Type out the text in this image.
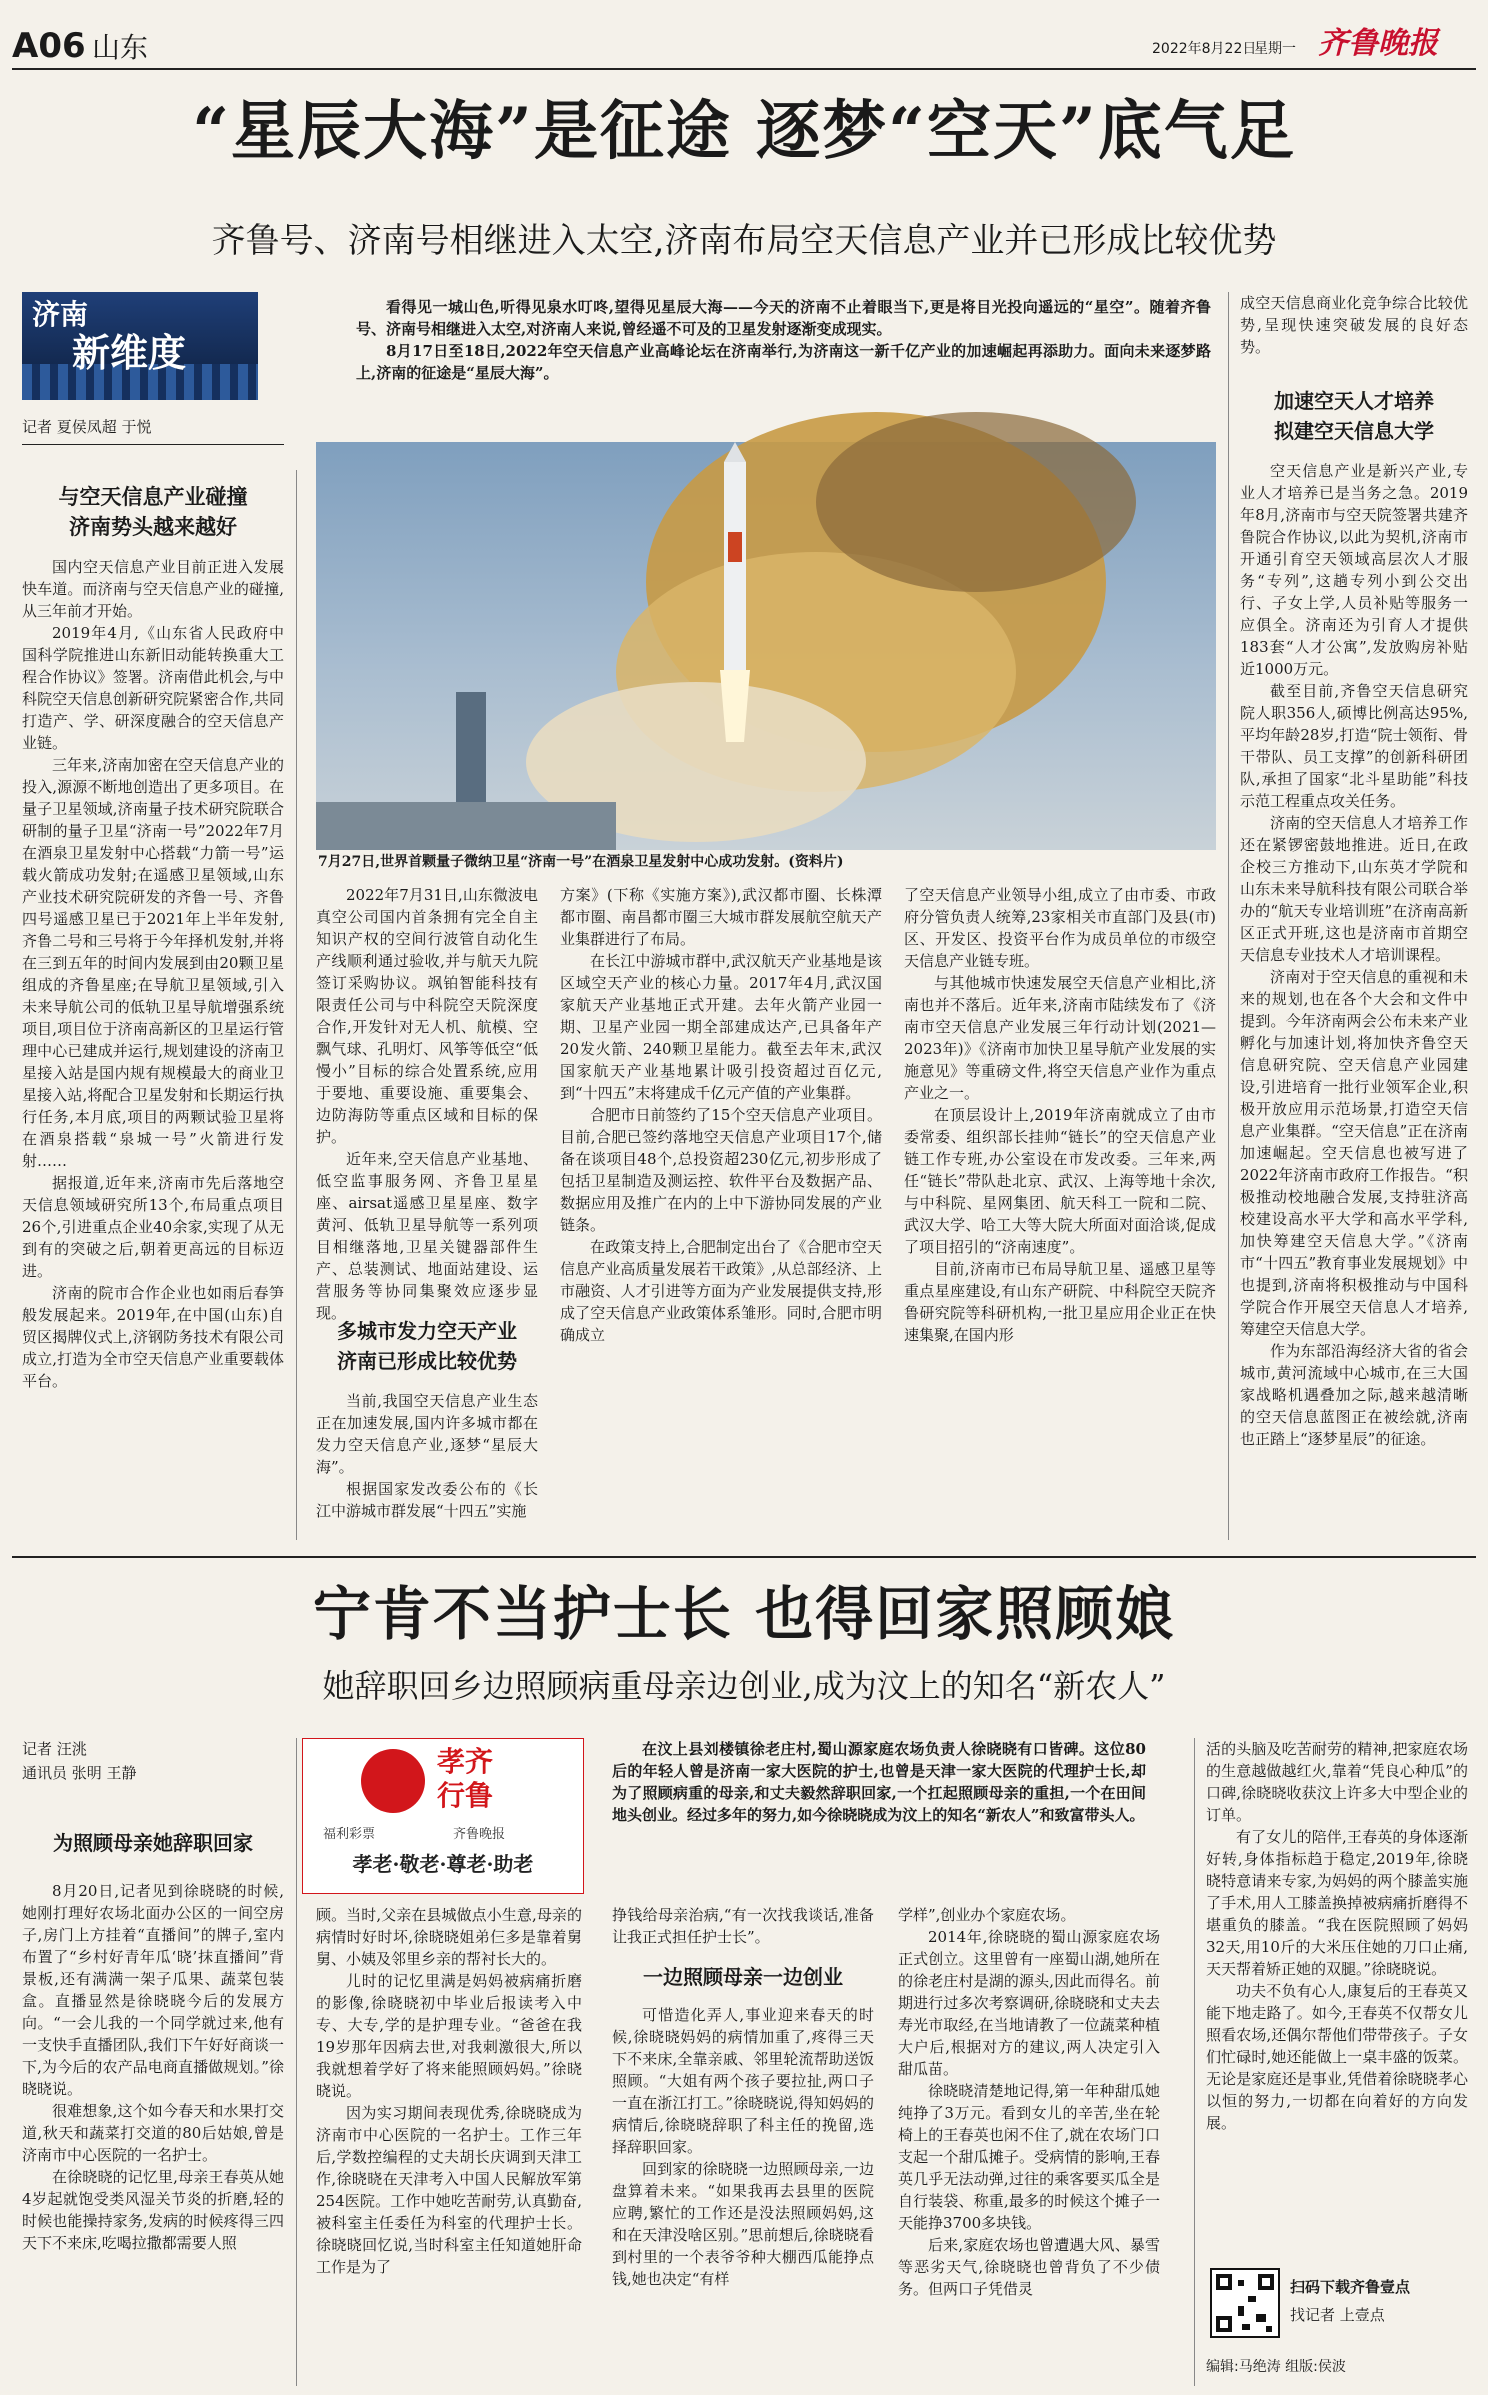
A06 山东	2022年8月22日
星期一 齐鲁晚报
“星辰大海”是征途 逐梦“空天”底气足
齐鲁号、济南号相继进入太空,济南布局空天信息产业并已形成比较优势
济南
新维度
记者 夏侯凤超 于悦

看得见一城山色,听得见泉水叮咚,望得见星辰大海——今天的济南不止着眼当下,更是将目光投向遥远的“星空”。随着齐鲁号、济南号相继进入太空,对济南人来说,曾经遥不可及的卫星发射逐渐变成现实。

8月17日至18日,2022年空天信息产业高峰论坛在济南举行,为济南这一新千亿产业的加速崛起再添助力。面向未来逐梦路上,济南的征途是“星辰大海”。

7月27日,世界首颗量子微纳卫星“济南一号”在酒泉卫星发射中心成功发射。(资料片)
与空天信息产业碰撞
济南势头越来越好

国内空天信息产业目前正进入发展快车道。而济南与空天信息产业的碰撞,从三年前才开始。

2019年4月,《山东省人民政府中国科学院推进山东新旧动能转换重大工程合作协议》签署。济南借此机会,与中科院空天信息创新研究院紧密合作,共同打造产、学、研深度融合的空天信息产业链。

三年来,济南加密在空天信息产业的投入,源源不断地创造出了更多项目。在量子卫星领域,济南量子技术研究院联合研制的量子卫星“济南一号”2022年7月在酒泉卫星发射中心搭载“力箭一号”运载火箭成功发射;在遥感卫星领域,山东产业技术研究院研发的齐鲁一号、齐鲁四号遥感卫星已于2021年上半年发射,齐鲁二号和三号将于今年择机发射,并将在三到五年的时间内发展到由20颗卫星组成的齐鲁星座;在导航卫星领域,引入未来导航公司的低轨卫星导航增强系统项目,项目位于济南高新区的卫星运行管理中心已建成并运行,规划建设的济南卫星接入站是国内规有规模最大的商业卫星接入站,将配合卫星发射和长期运行执行任务,本月底,项目的两颗试验卫星将在酒泉搭载“泉城一号”火箭进行发射……

据报道,近年来,济南市先后落地空天信息领域研究所13个,布局重点项目26个,引进重点企业40余家,实现了从无到有的突破之后,朝着更高远的目标迈进。

济南的院市合作企业也如雨后春笋般发展起来。2019年,在中国(山东)自贸区揭牌仪式上,济钢防务技术有限公司成立,打造为全市空天信息产业重要载体平台。

2022年7月31日,山东微波电真空公司国内首条拥有完全自主知识产权的空间行波管自动化生产线顺利通过验收,并与航天九院签订采购协议。飒铂智能科技有限责任公司与中科院空天院深度合作,开发针对无人机、航模、空飘气球、孔明灯、风筝等低空“低慢小”目标的综合处置系统,应用于要地、重要设施、重要集会、边防海防等重点区域和目标的保护。

近年来,空天信息产业基地、低空监事服务网、齐鲁卫星星座、airsat遥感卫星星座、数字黄河、低轨卫星导航等一系列项目相继落地,卫星关键器部件生产、总装测试、地面站建设、运营服务等协同集聚效应逐步显现。

多城市发力空天产业
济南已形成比较优势

当前,我国空天信息产业生态正在加速发展,国内许多城市都在发力空天信息产业,逐梦“星辰大海”。

根据国家发改委公布的《长江中游城市群发展“十四五”实施

方案》(下称《实施方案》),武汉都市圈、长株潭都市圈、南昌都市圈三大城市群发展航空航天产业集群进行了布局。

在长江中游城市群中,武汉航天产业基地是该区域空天产业的核心力量。2017年4月,武汉国家航天产业基地正式开建。去年火箭产业园一期、卫星产业园一期全部建成达产,已具备年产20发火箭、240颗卫星能力。截至去年末,武汉国家航天产业基地累计吸引投资超过百亿元,到“十四五”末将建成千亿元产值的产业集群。

合肥市日前签约了15个空天信息产业项目。目前,合肥已签约落地空天信息产业项目17个,储备在谈项目48个,总投资超230亿元,初步形成了包括卫星制造及测运控、软件平台及数据产品、数据应用及推广在内的上中下游协同发展的产业链条。

在政策支持上,合肥制定出台了《合肥市空天信息产业高质量发展若干政策》,从总部经济、上市融资、人才引进等方面为产业发展提供支持,形成了空天信息产业政策体系雏形。同时,合肥市明确成立

了空天信息产业领导小组,成立了由市委、市政府分管负责人统筹,23家相关市直部门及县(市)区、开发区、投资平台作为成员单位的市级空天信息产业链专班。

与其他城市快速发展空天信息产业相比,济南也并不落后。近年来,济南市陆续发布了《济南市空天信息产业发展三年行动计划(2021—2023年)》《济南市加快卫星导航产业发展的实施意见》等重磅文件,将空天信息产业作为重点产业之一。

在顶层设计上,2019年济南就成立了由市委常委、组织部长挂帅“链长”的空天信息产业链工作专班,办公室设在市发改委。三年来,两任“链长”带队赴北京、武汉、上海等地十余次,与中科院、星网集团、航天科工一院和二院、武汉大学、哈工大等大院大所面对面洽谈,促成了项目招引的“济南速度”。

目前,济南市已布局导航卫星、遥感卫星等重点星座建设,有山东产研院、中科院空天院齐鲁研究院等科研机构,一批卫星应用企业正在快速集聚,在国内形

成空天信息商业化竞争综合比较优势,呈现快速突破发展的良好态势。

加速空天人才培养
拟建空天信息大学

空天信息产业是新兴产业,专业人才培养已是当务之急。2019年8月,济南市与空天院签署共建齐鲁院合作协议,以此为契机,济南市开通引育空天领域高层次人才服务“专列”,这趟专列小到公交出行、子女上学,人员补贴等服务一应俱全。济南还为引育人才提供183套“人才公寓”,发放购房补贴近1000万元。

截至目前,齐鲁空天信息研究院人职356人,硕博比例高达95%,平均年龄28岁,打造“院士领衔、骨干带队、员工支撑”的创新科研团队,承担了国家“北斗星助能”科技示范工程重点攻关任务。

济南的空天信息人才培养工作还在紧锣密鼓地推进。近日,在政企校三方推动下,山东英才学院和山东未来导航科技有限公司联合举办的“航天专业培训班”在济南高新区正式开班,这也是济南市首期空天信息专业技术人才培训课程。

济南对于空天信息的重视和未来的规划,也在各个大会和文件中提到。今年济南两会公布未来产业孵化与加速计划,将加快齐鲁空天信息研究院、空天信息产业园建设,引进培育一批行业领军企业,积极开放应用示范场景,打造空天信息产业集群。“空天信息”正在济南加速崛起。空天信息也被写进了2022年济南市政府工作报告。“积极推动校地融合发展,支持驻济高校建设高水平大学和高水平学科,加快筹建空天信息大学。”《济南市“十四五”教育事业发展规划》中也提到,济南将积极推动与中国科学院合作开展空天信息人才培养,筹建空天信息大学。

作为东部沿海经济大省的省会城市,黄河流域中心城市,在三大国家战略机遇叠加之际,越来越清晰的空天信息蓝图正在被绘就,济南也正踏上“逐梦星辰”的征途。

宁肯不当护士长 也得回家照顾娘
她辞职回乡边照顾病重母亲边创业,成为汶上的知名“新农人”
记者 汪洮
通讯员 张明 王静	孝齐
行鲁
福利彩票	齐鲁晚报
孝老·敬老·尊老·助老

在汶上县刘楼镇徐老庄村,蜀山源家庭农场负责人徐晓晓有口皆碑。这位80后的年轻人曾是济南一家大医院的护士,也曾是天津一家大医院的代理护士长,却为了照顾病重的母亲,和丈夫毅然辞职回家,一个扛起照顾母亲的重担,一个在田间地头创业。经过多年的努力,如今徐晓晓成为汶上的知名“新农人”和致富带头人。

为照顾母亲她辞职回家

8月20日,记者见到徐晓晓的时候,她刚打理好农场北面办公区的一间空房子,房门上方挂着“直播间”的牌子,室内布置了“乡村好青年瓜‘晓’抹直播间”背景板,还有满满一架子瓜果、蔬菜包装盒。直播显然是徐晓晓今后的发展方向。“一会儿我的一个同学就过来,他有一支快手直播团队,我们下午好好商谈一下,为今后的农产品电商直播做规划。”徐晓晓说。

很难想象,这个如今春天和水果打交道,秋天和蔬菜打交道的80后姑娘,曾是济南市中心医院的一名护士。

在徐晓晓的记忆里,母亲王春英从她4岁起就饱受类风湿关节炎的折磨,轻的时候也能操持家务,发病的时候疼得三四天下不来床,吃喝拉撒都需要人照

顾。当时,父亲在县城做点小生意,母亲的病情时好时坏,徐晓晓姐弟仨多是靠着舅舅、小姨及邻里乡亲的帮衬长大的。

儿时的记忆里满是妈妈被病痛折磨的影像,徐晓晓初中毕业后报读考入中专、大专,学的是护理专业。“爸爸在我19岁那年因病去世,对我刺激很大,所以我就想着学好了将来能照顾妈妈。”徐晓晓说。

因为实习期间表现优秀,徐晓晓成为济南市中心医院的一名护士。工作三年后,学数控编程的丈夫胡长庆调到天津工作,徐晓晓在天津考入中国人民解放军第254医院。工作中她吃苦耐劳,认真勤奋,被科室主任委任为科室的代理护士长。徐晓晓回忆说,当时科室主任知道她肝命工作是为了

挣钱给母亲治病,“有一次找我谈话,准备让我正式担任护士长”。

一边照顾母亲一边创业

可惜造化弄人,事业迎来春天的时候,徐晓晓妈妈的病情加重了,疼得三天下不来床,全靠亲戚、邻里轮流帮助送饭照顾。“大姐有两个孩子要拉扯,两口子一直在浙江打工。”徐晓晓说,得知妈妈的病情后,徐晓晓辞职了科主任的挽留,选择辞职回家。

回到家的徐晓晓一边照顾母亲,一边盘算着未来。“如果我再去县里的医院应聘,繁忙的工作还是没法照顾妈妈,这和在天津没啥区别。”思前想后,徐晓晓看到村里的一个表爷爷种大棚西瓜能挣点钱,她也决定“有样

学样”,创业办个家庭农场。

2014年,徐晓晓的蜀山源家庭农场正式创立。这里曾有一座蜀山湖,她所在的徐老庄村是湖的源头,因此而得名。前期进行过多次考察调研,徐晓晓和丈夫去寿光市取经,在当地请教了一位蔬菜种植大户后,根据对方的建议,两人决定引入甜瓜苗。

徐晓晓清楚地记得,第一年种甜瓜她纯挣了3万元。看到女儿的辛苦,坐在轮椅上的王春英也闲不住了,就在农场门口支起一个甜瓜摊子。受病情的影响,王春英几乎无法动弹,过往的乘客要买瓜全是自行装袋、称重,最多的时候这个摊子一天能挣3700多块钱。

后来,家庭农场也曾遭遇大风、暴雪等恶劣天气,徐晓晓也曾背负了不少债务。但两口子凭借灵

活的头脑及吃苦耐劳的精神,把家庭农场的生意越做越红火,靠着“凭良心种瓜”的口碑,徐晓晓收获汶上许多大中型企业的订单。

有了女儿的陪伴,王春英的身体逐渐好转,身体指标趋于稳定,2019年,徐晓晓特意请来专家,为妈妈的两个膝盖实施了手术,用人工膝盖换掉被病痛折磨得不堪重负的膝盖。“我在医院照顾了妈妈32天,用10斤的大米压住她的刀口止痛,天天帮着矫正她的双腿。”徐晓晓说。

功夫不负有心人,康复后的王春英又能下地走路了。如今,王春英不仅帮女儿照看农场,还偶尔帮他们带带孩子。子女们忙碌时,她还能做上一桌丰盛的饭菜。无论是家庭还是事业,凭借着徐晓晓孝心以恒的努力,一切都在向着好的方向发展。

扫码下载齐鲁壹点
找记者 上壹点
编辑:马绝涛 组版:侯波
